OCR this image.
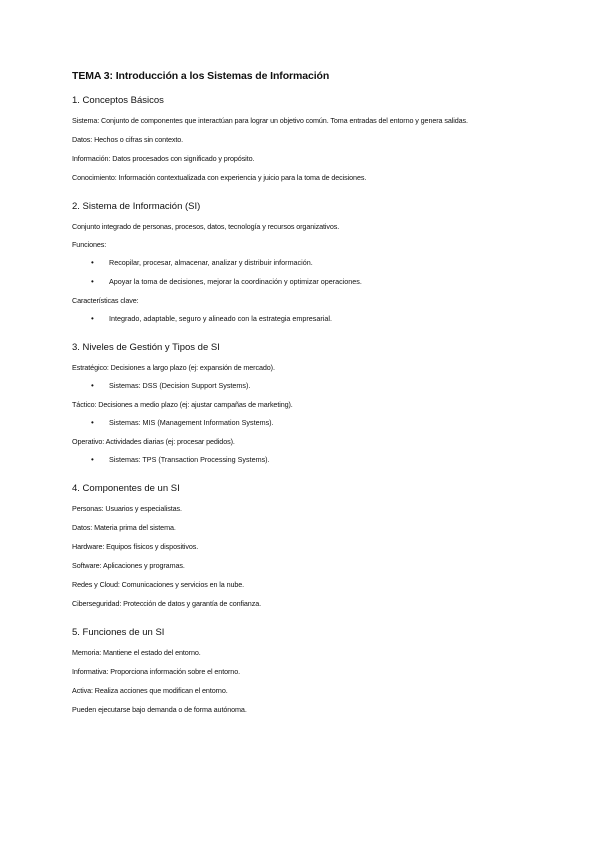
TEMA 3: Introducción a los Sistemas de Información
1. Conceptos Básicos
Sistema: Conjunto de componentes que interactúan para lograr un objetivo común. Toma entradas del entorno y genera salidas.
Datos: Hechos o cifras sin contexto.
Información: Datos procesados con significado y propósito.
Conocimiento: Información contextualizada con experiencia y juicio para la toma de decisiones.
2. Sistema de Información (SI)
Conjunto integrado de personas, procesos, datos, tecnología y recursos organizativos.
Funciones:
• Recopilar, procesar, almacenar, analizar y distribuir información.
• Apoyar la toma de decisiones, mejorar la coordinación y optimizar operaciones.
Características clave:
• Integrado, adaptable, seguro y alineado con la estrategia empresarial.
3. Niveles de Gestión y Tipos de SI
Estratégico: Decisiones a largo plazo (ej: expansión de mercado).
• Sistemas: DSS (Decision Support Systems).
Táctico: Decisiones a medio plazo (ej: ajustar campañas de marketing).
• Sistemas: MIS (Management Information Systems).
Operativo: Actividades diarias (ej: procesar pedidos).
• Sistemas: TPS (Transaction Processing Systems).
4. Componentes de un SI
Personas: Usuarios y especialistas.
Datos: Materia prima del sistema.
Hardware: Equipos físicos y dispositivos.
Software: Aplicaciones y programas.
Redes y Cloud: Comunicaciones y servicios en la nube.
Ciberseguridad: Protección de datos y garantía de confianza.
5. Funciones de un SI
Memoria: Mantiene el estado del entorno.
Informativa: Proporciona información sobre el entorno.
Activa: Realiza acciones que modifican el entorno.
Pueden ejecutarse bajo demanda o de forma autónoma.
